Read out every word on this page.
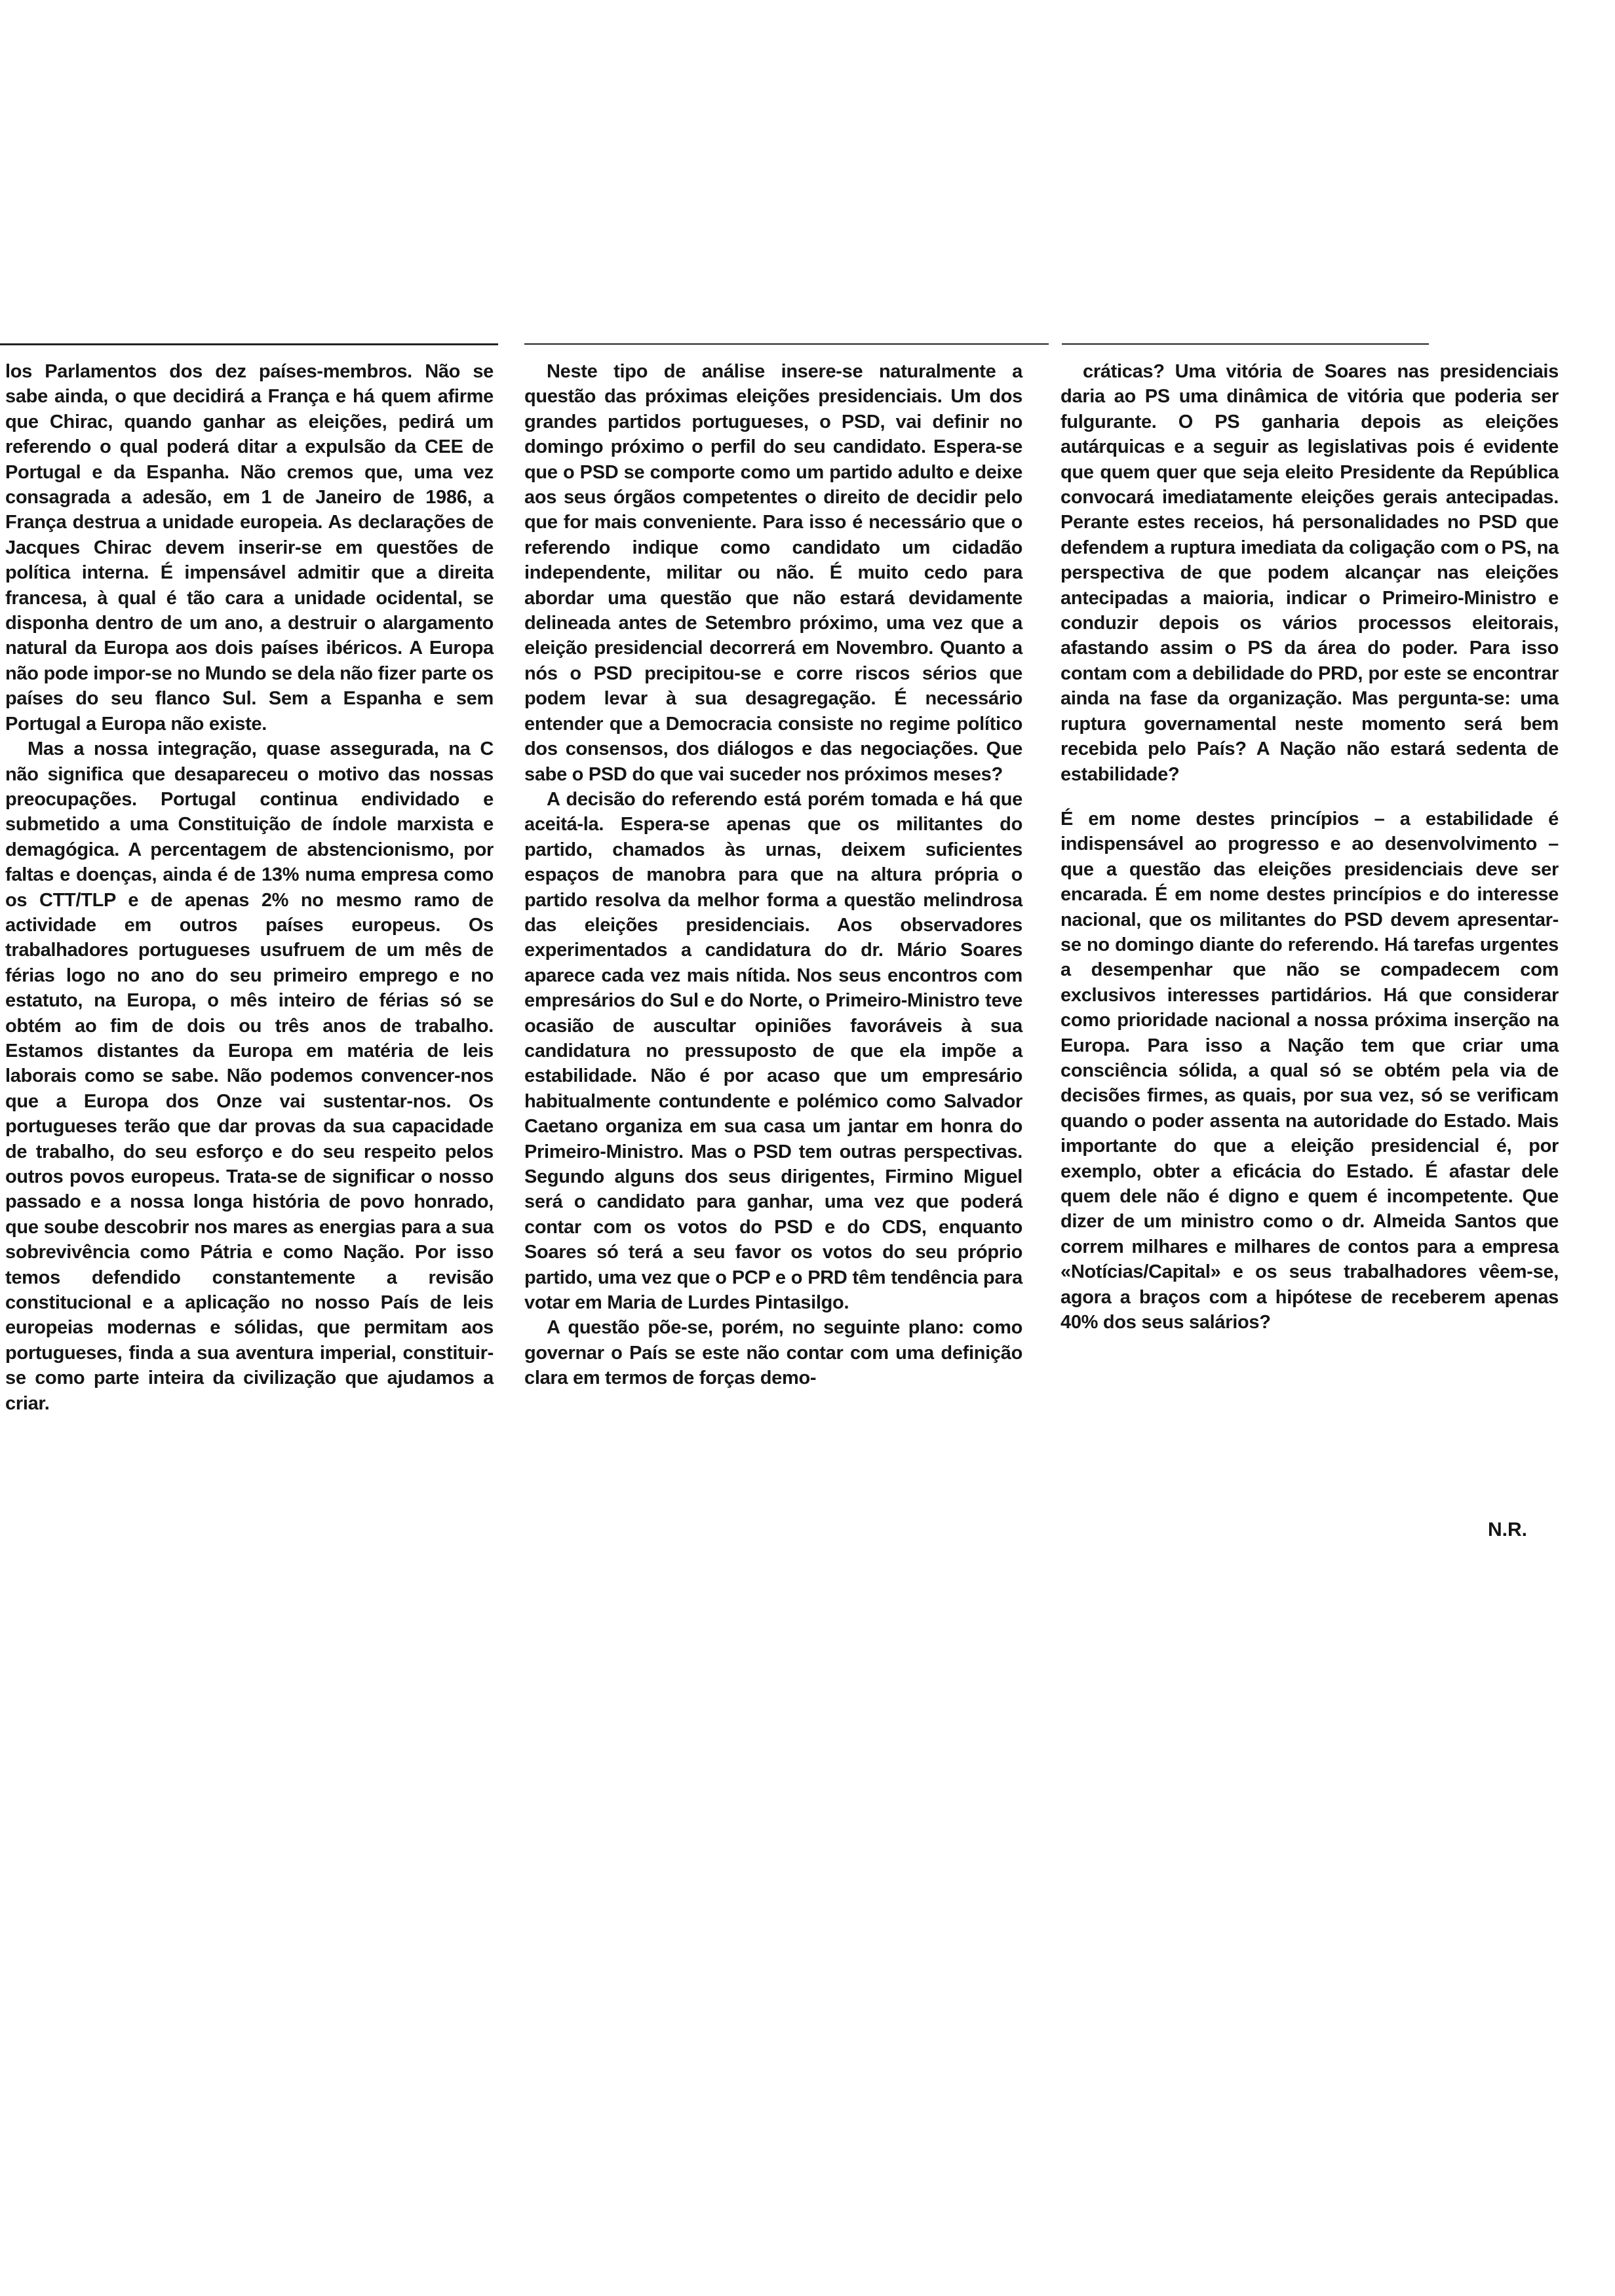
los Parlamentos dos dez países-membros. Não se sabe ainda, o que decidirá a França e há quem afirme que Chirac, quando ganhar as eleições, pedirá um referendo o qual poderá ditar a expulsão da CEE de Portugal e da Espanha. Não cremos que, uma vez consagrada a adesão, em 1 de Janeiro de 1986, a França destrua a unidade europeia. As declarações de Jacques Chirac devem inserir-se em questões de política interna. É impensável admitir que a direita francesa, à qual é tão cara a unidade ocidental, se disponha dentro de um ano, a destruir o alargamento natural da Europa aos dois países ibéricos. A Europa não pode impor-se no Mundo se dela não fizer parte os países do seu flanco Sul. Sem a Espanha e sem Portugal a Europa não existe.

Mas a nossa integração, quase assegurada, na C não significa que desapareceu o motivo das nossas preocupações. Portugal continua endividado e submetido a uma Constituição de índole marxista e demagógica. A percentagem de abstencionismo, por faltas e doenças, ainda é de 13% numa empresa como os CTT/TLP e de apenas 2% no mesmo ramo de actividade em outros países europeus. Os trabalhadores portugueses usufruem de um mês de férias logo no ano do seu primeiro emprego e no estatuto, na Europa, o mês inteiro de férias só se obtém ao fim de dois ou três anos de trabalho. Estamos distantes da Europa em matéria de leis laborais como se sabe. Não podemos convencer-nos que a Europa dos Onze vai sustentar-nos. Os portugueses terão que dar provas da sua capacidade de trabalho, do seu esforço e do seu respeito pelos outros povos europeus. Trata-se de significar o nosso passado e a nossa longa história de povo honrado, que soube descobrir nos mares as energias para a sua sobrevivência como Pátria e como Nação. Por isso temos defendido constantemente a revisão constitucional e a aplicação no nosso País de leis europeias modernas e sólidas, que permitam aos portugueses, finda a sua aventura imperial, constituir-se como parte inteira da civilização que ajudamos a criar.

Neste tipo de análise insere-se naturalmente a questão das próximas eleições presidenciais. Um dos grandes partidos portugueses, o PSD, vai definir no domingo próximo o perfil do seu candidato. Espera-se que o PSD se comporte como um partido adulto e deixe aos seus órgãos competentes o direito de decidir pelo que for mais conveniente. Para isso é necessário que o referendo indique como candidato um cidadão independente, militar ou não. É muito cedo para abordar uma questão que não estará devidamente delineada antes de Setembro próximo, uma vez que a eleição presidencial decorrerá em Novembro. Quanto a nós o PSD precipitou-se e corre riscos sérios que podem levar à sua desagregação. É necessário entender que a Democracia consiste no regime político dos consensos, dos diálogos e das negociações. Que sabe o PSD do que vai suceder nos próximos meses?

A decisão do referendo está porém tomada e há que aceitá-la. Espera-se apenas que os militantes do partido, chamados às urnas, deixem suficientes espaços de manobra para que na altura própria o partido resolva da melhor forma a questão melindrosa das eleições presidenciais. Aos observadores experimentados a candidatura do dr. Mário Soares aparece cada vez mais nítida. Nos seus encontros com empresários do Sul e do Norte, o Primeiro-Ministro teve ocasião de auscultar opiniões favoráveis à sua candidatura no pressuposto de que ela impõe a estabilidade. Não é por acaso que um empresário habitualmente contundente e polémico como Salvador Caetano organiza em sua casa um jantar em honra do Primeiro-Ministro. Mas o PSD tem outras perspectivas. Segundo alguns dos seus dirigentes, Firmino Miguel será o candidato para ganhar, uma vez que poderá contar com os votos do PSD e do CDS, enquanto Soares só terá a seu favor os votos do seu próprio partido, uma vez que o PCP e o PRD têm tendência para votar em Maria de Lurdes Pintasilgo.

A questão põe-se, porém, no seguinte plano: como governar o País se este não contar com uma definição clara em termos de forças demo-

cráticas? Uma vitória de Soares nas presidenciais daria ao PS uma dinâmica de vitória que poderia ser fulgurante. O PS ganharia depois as eleições autárquicas e a seguir as legislativas pois é evidente que quem quer que seja eleito Presidente da República convocará imediatamente eleições gerais antecipadas. Perante estes receios, há personalidades no PSD que defendem a ruptura imediata da coligação com o PS, na perspectiva de que podem alcançar nas eleições antecipadas a maioria, indicar o Primeiro-Ministro e conduzir depois os vários processos eleitorais, afastando assim o PS da área do poder. Para isso contam com a debilidade do PRD, por este se encontrar ainda na fase da organização. Mas pergunta-se: uma ruptura governamental neste momento será bem recebida pelo País? A Nação não estará sedenta de estabilidade?

É em nome destes princípios – a estabilidade é indispensável ao progresso e ao desenvolvimento – que a questão das eleições presidenciais deve ser encarada. É em nome destes princípios e do interesse nacional, que os militantes do PSD devem apresentar-se no domingo diante do referendo. Há tarefas urgentes a desempenhar que não se compadecem com exclusivos interesses partidários. Há que considerar como prioridade nacional a nossa próxima inserção na Europa. Para isso a Nação tem que criar uma consciência sólida, a qual só se obtém pela via de decisões firmes, as quais, por sua vez, só se verificam quando o poder assenta na autoridade do Estado. Mais importante do que a eleição presidencial é, por exemplo, obter a eficácia do Estado. É afastar dele quem dele não é digno e quem é incompetente. Que dizer de um ministro como o dr. Almeida Santos que correm milhares e milhares de contos para a empresa «Notícias/Capital» e os seus trabalhadores vêem-se, agora a braços com a hipótese de receberem apenas 40% dos seus salários?

N.R.
